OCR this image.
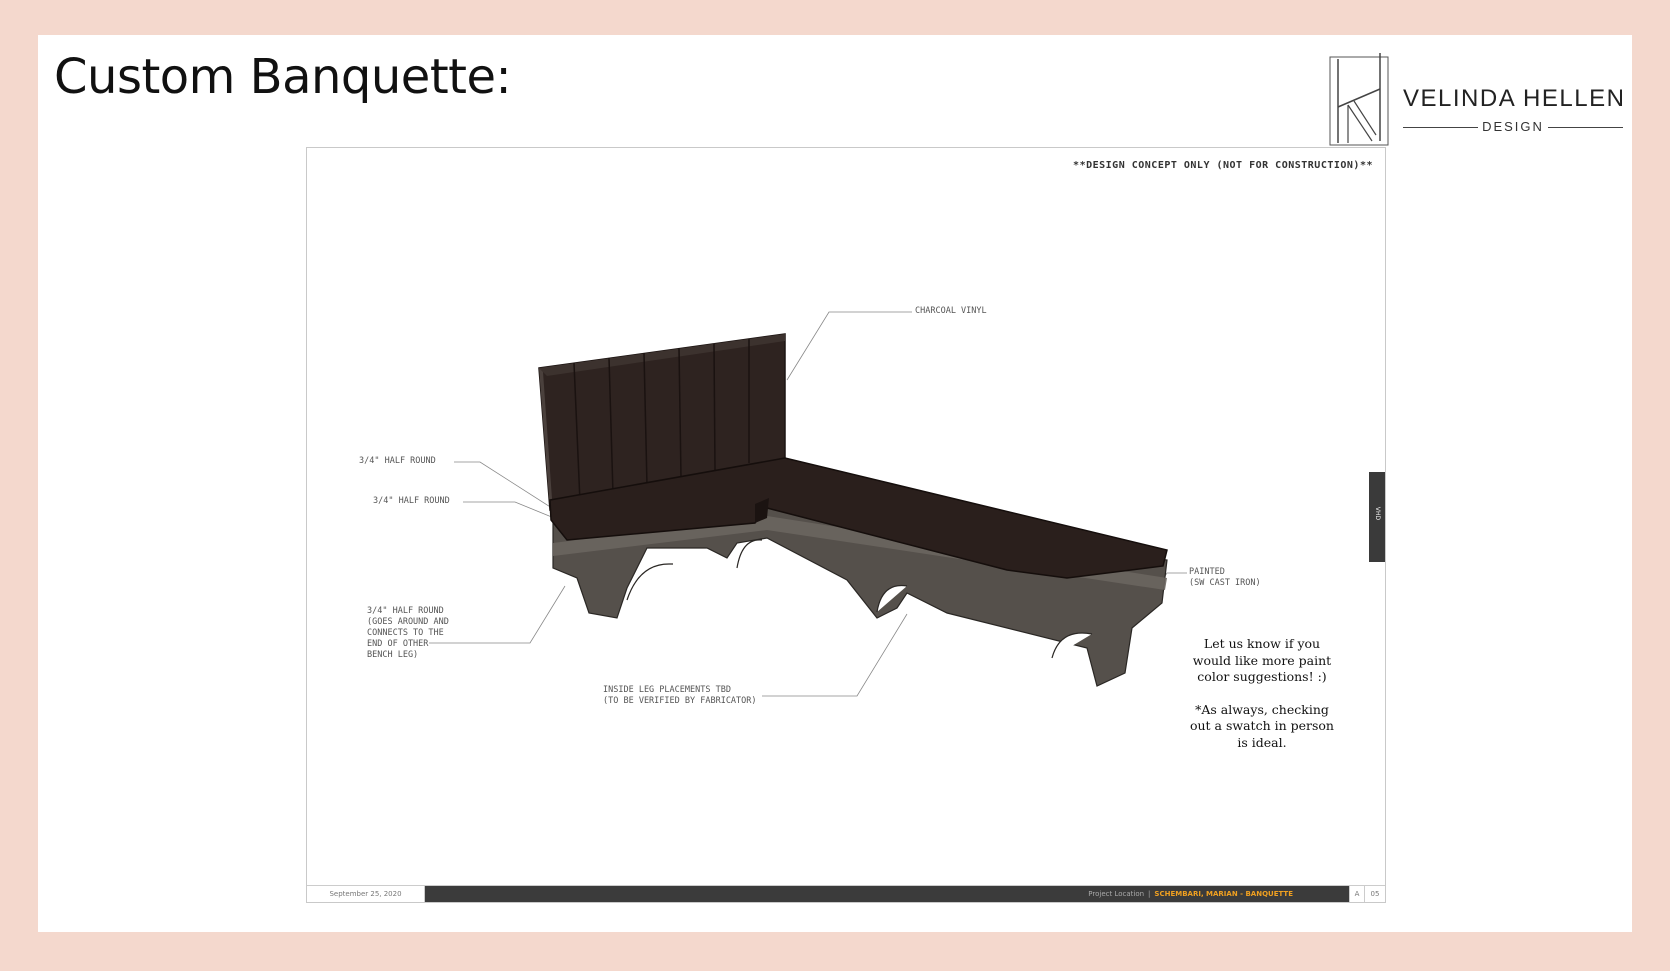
Custom Banquette:	VELINDA HELLEN
DESIGN
**DESIGN CONCEPT ONLY (NOT FOR CONSTRUCTION)**
CHARCOAL VINYL
3/4" HALF ROUND
3/4" HALF ROUND
3/4" HALF ROUND
(GOES AROUND AND
CONNECTS TO THE
END OF OTHER
BENCH LEG)
PAINTED
(SW CAST IRON)
INSIDE LEG PLACEMENTS TBD
(TO BE VERIFIED BY FABRICATOR)
VHD

Let us know if you would like more paint color suggestions! :)

*As always, checking out a swatch in person is ideal.

September 25, 2020	Project Location | SCHEMBARI, MARIAN - BANQUETTE	A	05
